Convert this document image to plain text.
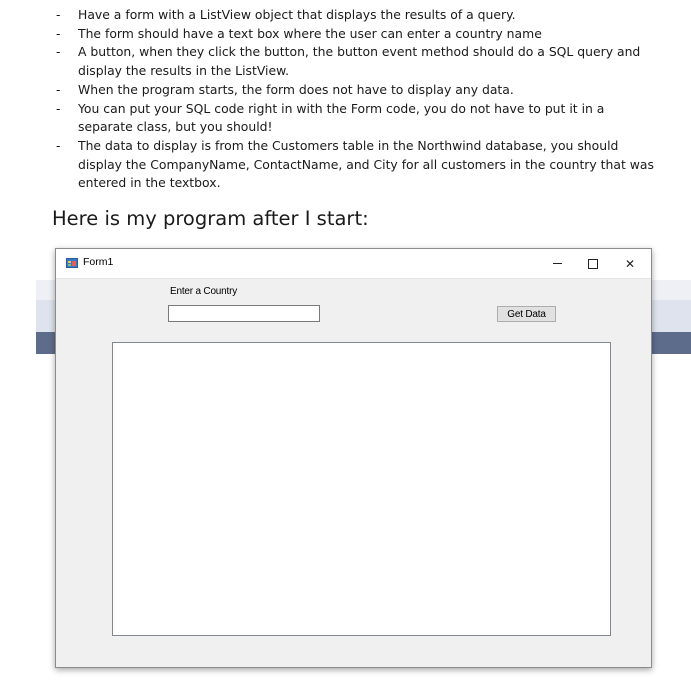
- Have a form with a ListView object that displays the results of a query.
- The form should have a text box where the user can enter a country name
- A button, when they click the button, the button event method should do a SQL query and display the results in the ListView.
- When the program starts, the form does not have to display any data.
- You can put your SQL code right in with the Form code, you do not have to put it in a separate class, but you should!
- The data to display is from the Customers table in the Northwind database, you should display the CompanyName, ContactName, and City for all customers in the country that was entered in the textbox.
Here is my program after I start:
Form1	✕
Enter a Country
Get Data
